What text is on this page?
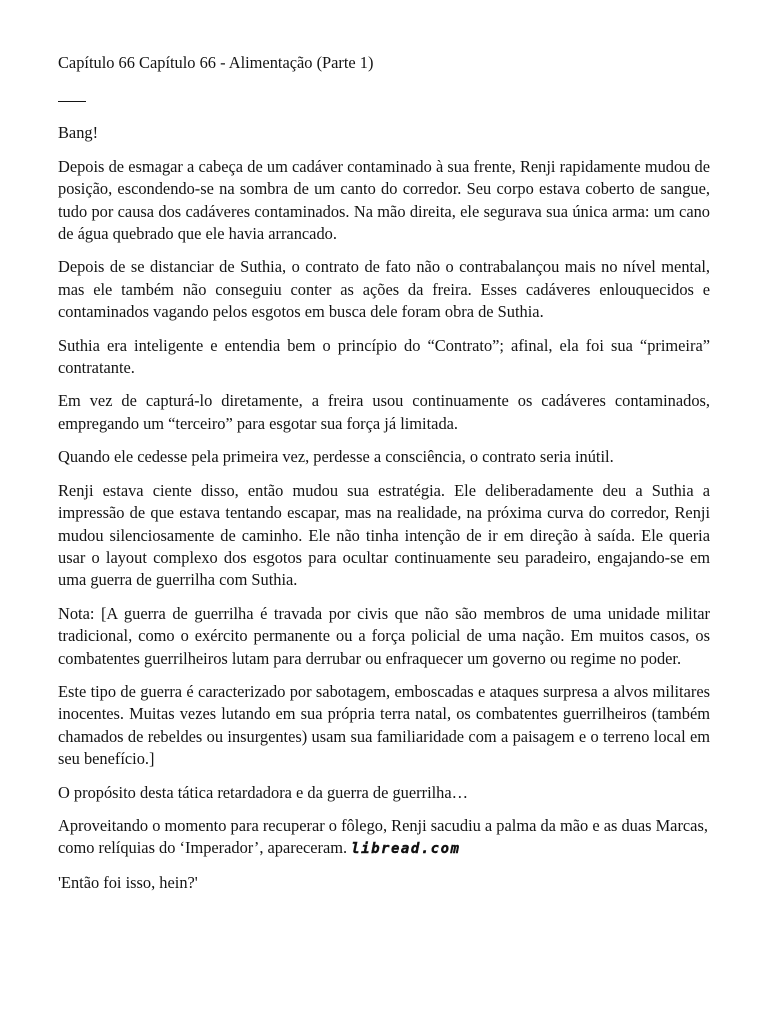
Capítulo 66 Capítulo 66 - Alimentação (Parte 1)

Bang!

Depois de esmagar a cabeça de um cadáver contaminado à sua frente, Renji rapidamente mudou de posição, escondendo-se na sombra de um canto do corredor. Seu corpo estava coberto de sangue, tudo por causa dos cadáveres contaminados. Na mão direita, ele segurava sua única arma: um cano de água quebrado que ele havia arrancado.

Depois de se distanciar de Suthia, o contrato de fato não o contrabalançou mais no nível mental, mas ele também não conseguiu conter as ações da freira. Esses cadáveres enlouquecidos e contaminados vagando pelos esgotos em busca dele foram obra de Suthia.

Suthia era inteligente e entendia bem o princípio do “Contrato”; afinal, ela foi sua “primeira” contratante.

Em vez de capturá-lo diretamente, a freira usou continuamente os cadáveres contaminados, empregando um “terceiro” para esgotar sua força já limitada.

Quando ele cedesse pela primeira vez, perdesse a consciência, o contrato seria inútil.

Renji estava ciente disso, então mudou sua estratégia. Ele deliberadamente deu a Suthia a impressão de que estava tentando escapar, mas na realidade, na próxima curva do corredor, Renji mudou silenciosamente de caminho. Ele não tinha intenção de ir em direção à saída. Ele queria usar o layout complexo dos esgotos para ocultar continuamente seu paradeiro, engajando-se em uma guerra de guerrilha com Suthia.

Nota: [A guerra de guerrilha é travada por civis que não são membros de uma unidade militar tradicional, como o exército permanente ou a força policial de uma nação. Em muitos casos, os combatentes guerrilheiros lutam para derrubar ou enfraquecer um governo ou regime no poder.

Este tipo de guerra é caracterizado por sabotagem, emboscadas e ataques surpresa a alvos militares inocentes. Muitas vezes lutando em sua própria terra natal, os combatentes guerrilheiros (também chamados de rebeldes ou insurgentes) usam sua familiaridade com a paisagem e o terreno local em seu benefício.]

O propósito desta tática retardadora e da guerra de guerrilha…

Aproveitando o momento para recuperar o fôlego, Renji sacudiu a palma da mão e as duas Marcas, como relíquias do ‘Imperador’, apareceram. libread.com

'Então foi isso, hein?'
